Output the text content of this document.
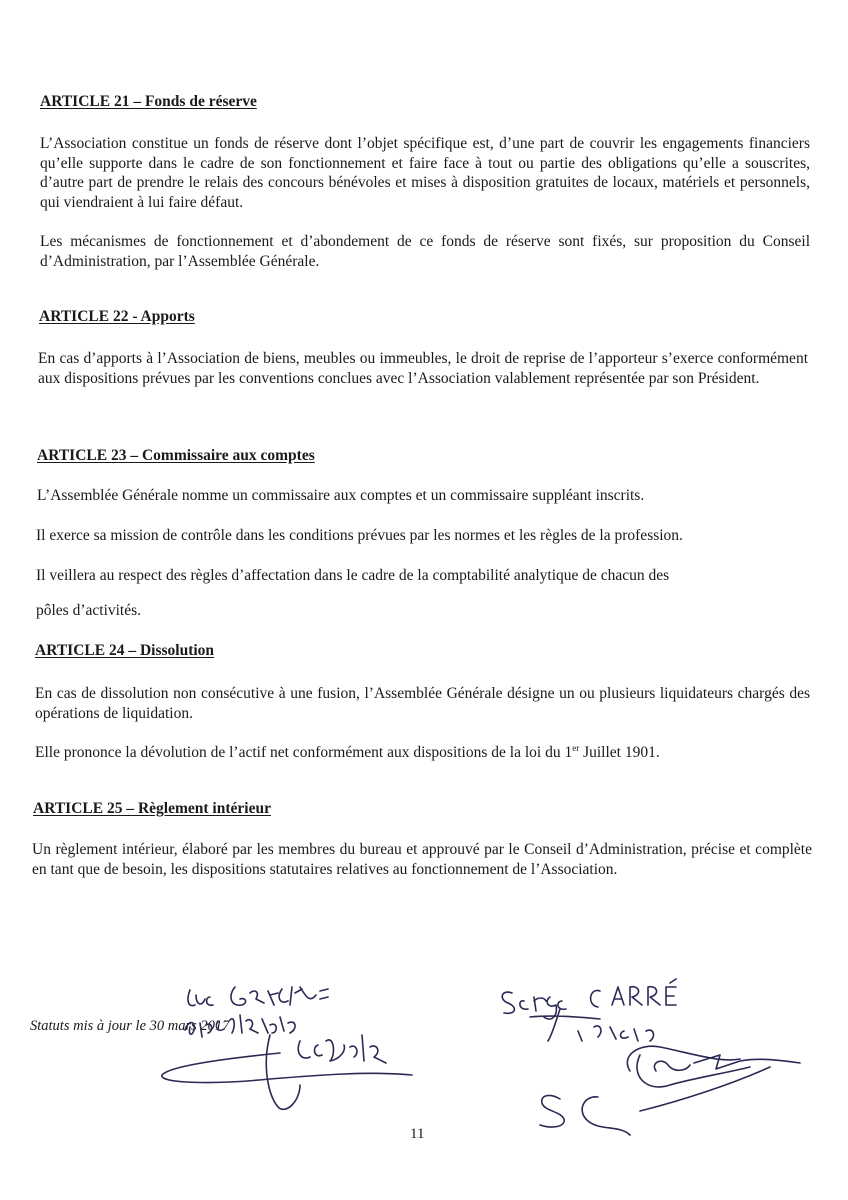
ARTICLE 21 – Fonds de réserve
L’Association constitue un fonds de réserve dont l’objet spécifique est, d’une part de couvrir les engagements financiers qu’elle supporte dans le cadre de son fonctionnement et faire face à tout ou partie des obligations qu’elle a souscrites, d’autre part de prendre le relais des concours bénévoles et mises à disposition gratuites de locaux, matériels et personnels, qui viendraient à lui faire défaut.
Les mécanismes de fonctionnement et d’abondement de ce fonds de réserve sont fixés, sur proposition du Conseil d’Administration, par l’Assemblée Générale.
ARTICLE 22 - Apports
En cas d’apports à l’Association de biens, meubles ou immeubles, le droit de reprise de l’apporteur s’exerce conformément aux dispositions prévues par les conventions conclues avec l’Association valablement représentée par son Président.
ARTICLE 23 – Commissaire aux comptes
L’Assemblée Générale nomme un commissaire aux comptes et un commissaire suppléant inscrits.
Il exerce sa mission de contrôle dans les conditions prévues par les normes et les règles de la profession.
Il veillera au respect des règles d’affectation dans le cadre de la comptabilité analytique de chacun des
pôles d’activités.
ARTICLE 24 – Dissolution
En cas de dissolution non consécutive à une fusion, l’Assemblée Générale désigne un ou plusieurs liquidateurs chargés des opérations de liquidation.
Elle prononce la dévolution de l’actif net conformément aux dispositions de la loi du 1er Juillet 1901.
ARTICLE 25 – Règlement intérieur
Un règlement intérieur, élaboré par les membres du bureau et approuvé par le Conseil d’Administration, précise et complète en tant que de besoin, les dispositions statutaires relatives au fonctionnement de l’Association.
Statuts mis à jour le 30 mars 2017
11
